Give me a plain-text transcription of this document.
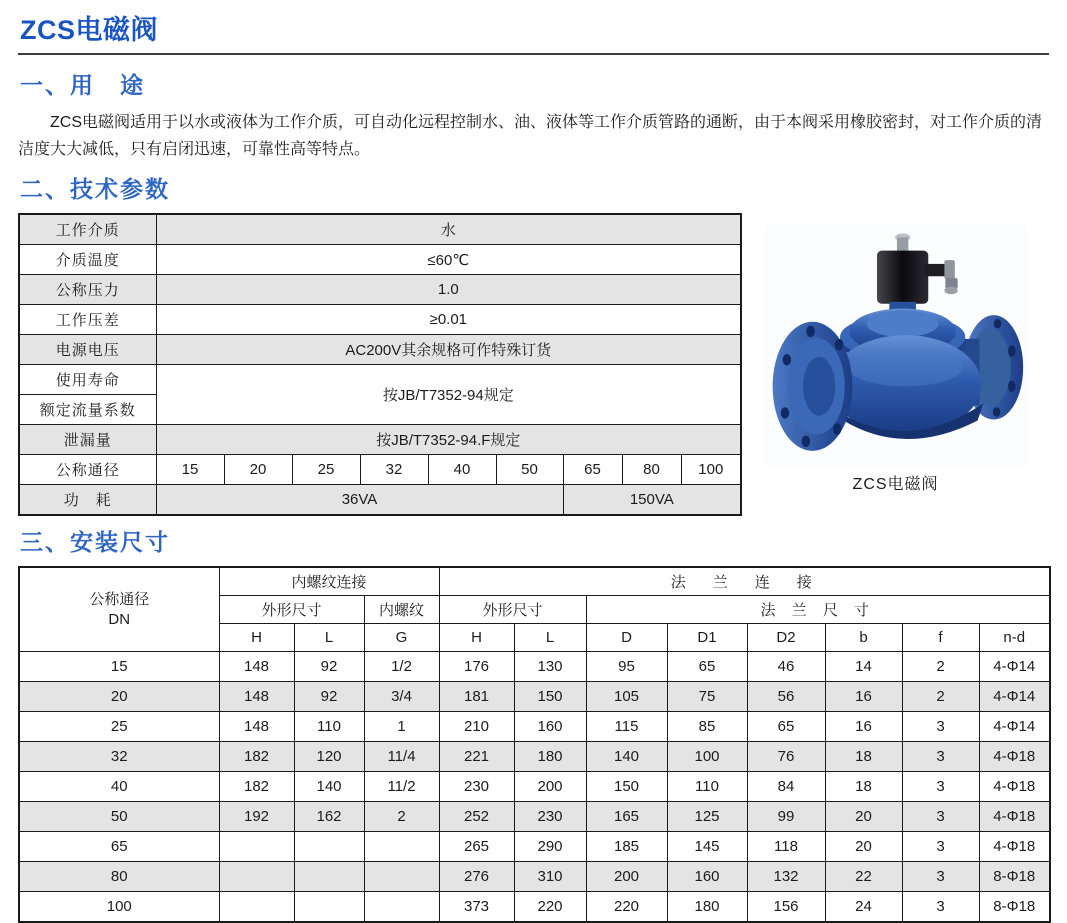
ZCS电磁阀
一、用　途

ZCS电磁阀适用于以水或液体为工作介质，可自动化远程控制水、油、液体等工作介质管路的通断，由于本阀采用橡胶密封，对工作介质的清洁度大大减低，只有启闭迅速，可靠性高等特点。

二、技术参数
工作介质	水								
介质温度	≤60℃								
公称压力	1.0								
工作压差	≥0.01								
电源电压	AC200V其余规格可作特殊订货								
使用寿命	按JB/T7352-94规定								
额定流量系数									
泄漏量	按JB/T7352-94.F规定								
公称通径	15	20	25	32	40	50	65	80	100
功　耗	36VA						150VA		
ZCS电磁阀
三、安装尺寸
公称通径
DN	内螺纹连接			法　兰　连　接							
	外形尺寸		内螺纹	外形尺寸		法 兰 尺 寸					
	H	L	G	H	L	D	D1	D2	b	f	n-d
15	148	92	1/2	176	130	95	65	46	14	2	4-Φ14
20	148	92	3/4	181	150	105	75	56	16	2	4-Φ14
25	148	110	1	210	160	115	85	65	16	3	4-Φ14
32	182	120	11/4	221	180	140	100	76	18	3	4-Φ18
40	182	140	11/2	230	200	150	110	84	18	3	4-Φ18
50	192	162	2	252	230	165	125	99	20	3	4-Φ18
65				265	290	185	145	118	20	3	4-Φ18
80				276	310	200	160	132	22	3	8-Φ18
100				373	220	220	180	156	24	3	8-Φ18
